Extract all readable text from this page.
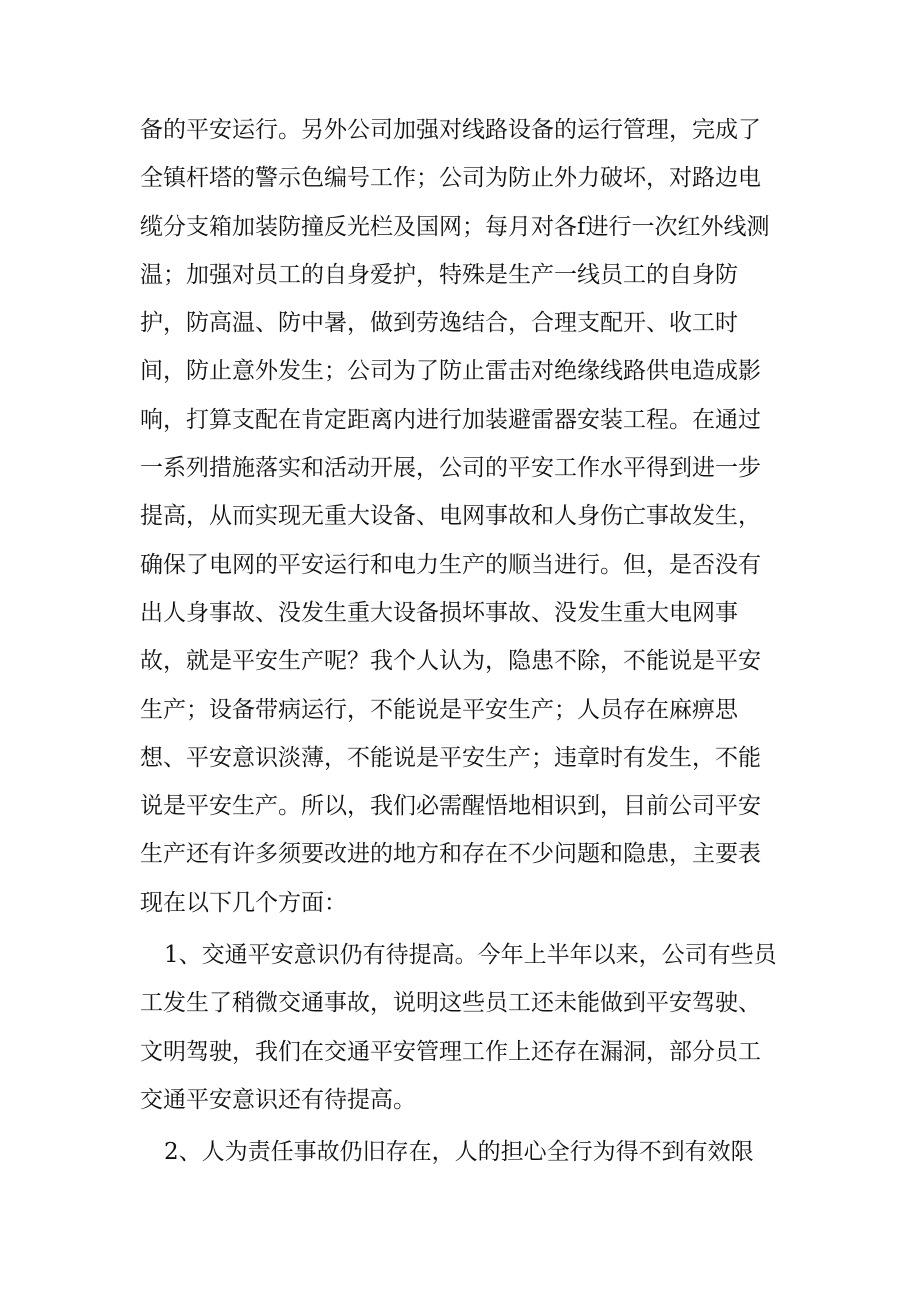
备的平安运行。另外公司加强对线路设备的运行管理，完成了
全镇杆塔的警示色编号工作；公司为防止外力破坏，对路边电
缆分支箱加装防撞反光栏及国网；每月对各f进行一次红外线测
温；加强对员工的自身爱护，特殊是生产一线员工的自身防
护，防高温、防中暑，做到劳逸结合，合理支配开、收工时
间，防止意外发生；公司为了防止雷击对绝缘线路供电造成影
响，打算支配在肯定距离内进行加装避雷器安装工程。在通过
一系列措施落实和活动开展，公司的平安工作水平得到进一步
提高，从而实现无重大设备、电网事故和人身伤亡事故发生，
确保了电网的平安运行和电力生产的顺当进行。但，是否没有
出人身事故、没发生重大设备损坏事故、没发生重大电网事
故，就是平安生产呢？我个人认为，隐患不除，不能说是平安
生产；设备带病运行，不能说是平安生产；人员存在麻痹思
想、平安意识淡薄，不能说是平安生产；违章时有发生，不能
说是平安生产。所以，我们必需醒悟地相识到，目前公司平安
生产还有许多须要改进的地方和存在不少问题和隐患，主要表
现在以下几个方面：
1、交通平安意识仍有待提高。今年上半年以来，公司有些员
工发生了稍微交通事故，说明这些员工还未能做到平安驾驶、
文明驾驶，我们在交通平安管理工作上还存在漏洞，部分员工
交通平安意识还有待提高。
2、人为责任事故仍旧存在，人的担心全行为得不到有效限
